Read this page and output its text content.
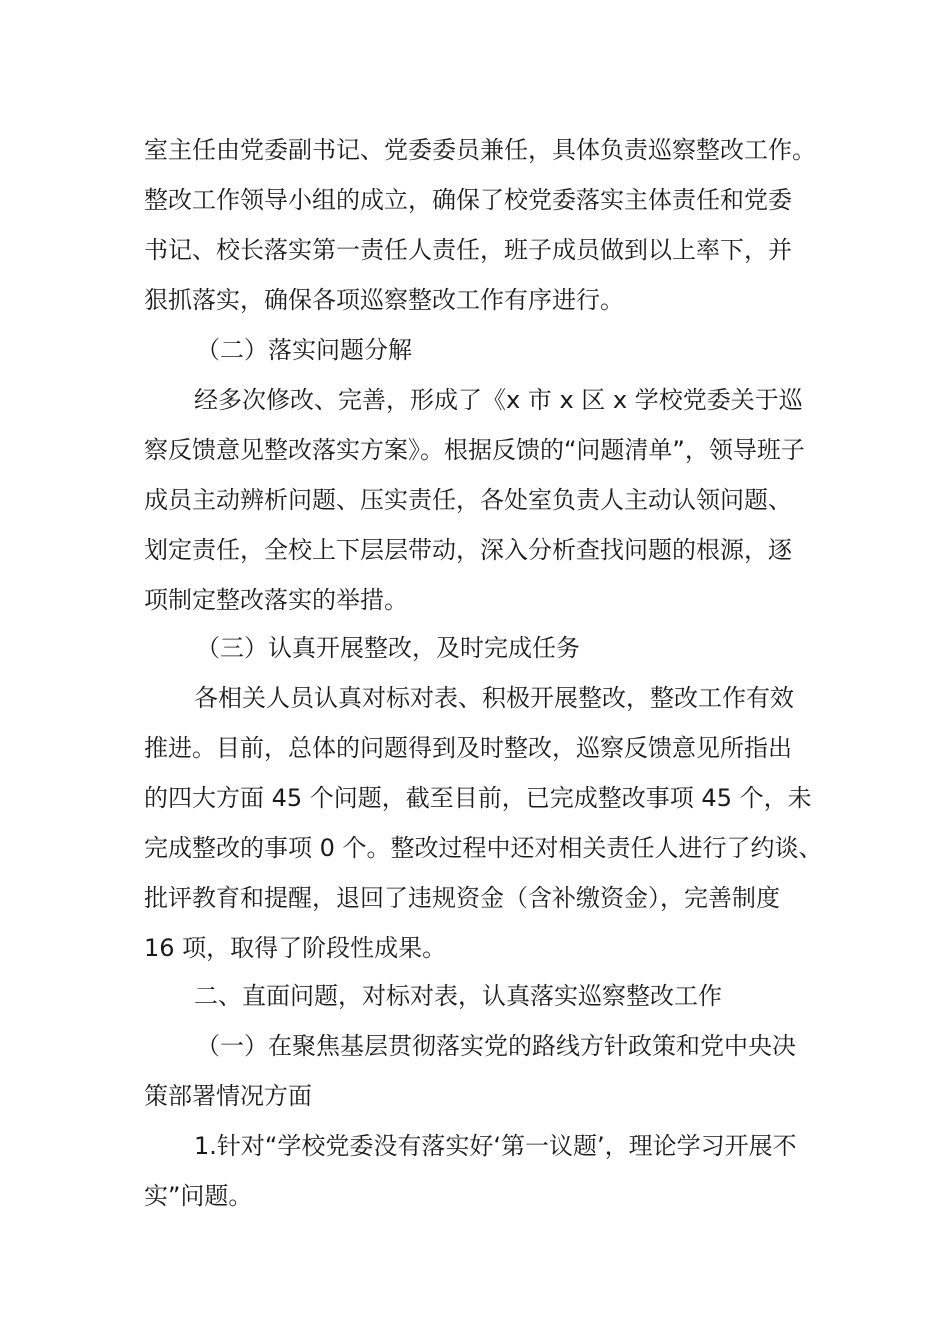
室主任由党委副书记、党委委员兼任，具体负责巡察整改工作。
整改工作领导小组的成立，确保了校党委落实主体责任和党委
书记、校长落实第一责任人责任，班子成员做到以上率下，并
狠抓落实，确保各项巡察整改工作有序进行。
（二）落实问题分解
经多次修改、完善，形成了《x 市 x 区 x 学校党委关于巡
察反馈意见整改落实方案》。根据反馈的“问题清单”，领导班子
成员主动辨析问题、压实责任，各处室负责人主动认领问题、
划定责任，全校上下层层带动，深入分析查找问题的根源，逐
项制定整改落实的举措。
（三）认真开展整改，及时完成任务
各相关人员认真对标对表、积极开展整改，整改工作有效
推进。目前，总体的问题得到及时整改，巡察反馈意见所指出
的四大方面 45 个问题，截至目前，已完成整改事项 45 个，未
完成整改的事项 0 个。整改过程中还对相关责任人进行了约谈、
批评教育和提醒，退回了违规资金（含补缴资金），完善制度
16 项，取得了阶段性成果。
二、直面问题，对标对表，认真落实巡察整改工作
（一）在聚焦基层贯彻落实党的路线方针政策和党中央决
策部署情况方面
1.针对“学校党委没有落实好‘第一议题’，理论学习开展不
实”问题。
